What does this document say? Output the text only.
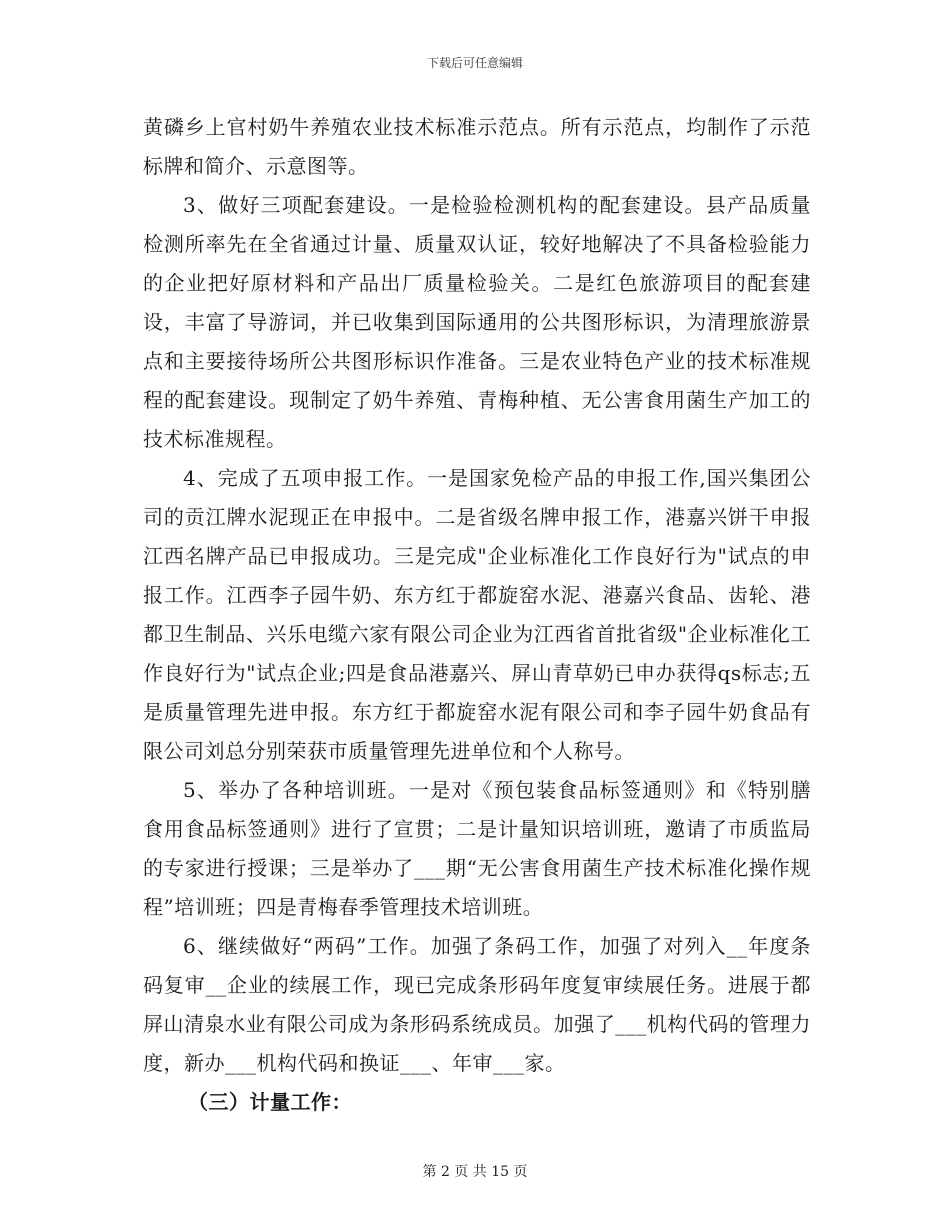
下载后可任意编辑

黄磷乡上官村奶牛养殖农业技术标准示范点。所有示范点，均制作了示范标牌和简介、示意图等。

3、做好三项配套建设。一是检验检测机构的配套建设。县产品质量检测所率先在全省通过计量、质量双认证，较好地解决了不具备检验能力的企业把好原材料和产品出厂质量检验关。二是红色旅游项目的配套建设，丰富了导游词，并已收集到国际通用的公共图形标识，为清理旅游景点和主要接待场所公共图形标识作准备。三是农业特色产业的技术标准规程的配套建设。现制定了奶牛养殖、青梅种植、无公害食用菌生产加工的技术标准规程。

4、完成了五项申报工作。一是国家免检产品的申报工作,国兴集团公司的贡江牌水泥现正在申报中。二是省级名牌申报工作，港嘉兴饼干申报江西名牌产品已申报成功。三是完成"企业标准化工作良好行为"试点的申报工作。江西李子园牛奶、东方红于都旋窑水泥、港嘉兴食品、齿轮、港都卫生制品、兴乐电缆六家有限公司企业为江西省首批省级"企业标准化工作良好行为"试点企业;四是食品港嘉兴、屏山青草奶已申办获得qs标志;五是质量管理先进申报。东方红于都旋窑水泥有限公司和李子园牛奶食品有限公司刘总分别荣获市质量管理先进单位和个人称号。

5、举办了各种培训班。一是对《预包装食品标签通则》和《特别膳食用食品标签通则》进行了宣贯；二是计量知识培训班，邀请了市质监局的专家进行授课；三是举办了___期“无公害食用菌生产技术标准化操作规程”培训班；四是青梅春季管理技术培训班。

6、继续做好“两码”工作。加强了条码工作，加强了对列入__年度条码复审__企业的续展工作，现已完成条形码年度复审续展任务。进展于都屏山清泉水业有限公司成为条形码系统成员。加强了___机构代码的管理力度，新办___机构代码和换证___、年审___家。

（三）计量工作：

第 2 页 共 15 页
